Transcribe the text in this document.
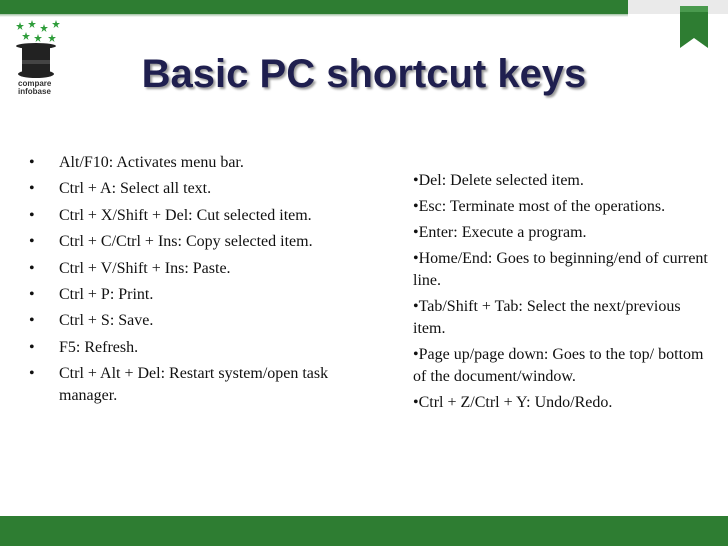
compare
infobase	Basic PC shortcut keys
• Alt/F10: Activates menu bar.
• Ctrl + A: Select all text.
• Ctrl + X/Shift + Del: Cut selected item.
• Ctrl + C/Ctrl + Ins: Copy selected item.
• Ctrl + V/Shift + Ins: Paste.
• Ctrl + P: Print.
• Ctrl + S: Save.
• F5: Refresh.
• Ctrl + Alt + Del: Restart system/open task manager.
•Del: Delete selected item.
•Esc: Terminate most of the operations.
•Enter: Execute a program.
•Home/End: Goes to beginning/end of current line.
•Tab/Shift + Tab: Select the next/previous item.
•Page up/page down: Goes to the top/ bottom of the document/window.
•Ctrl + Z/Ctrl + Y: Undo/Redo.
